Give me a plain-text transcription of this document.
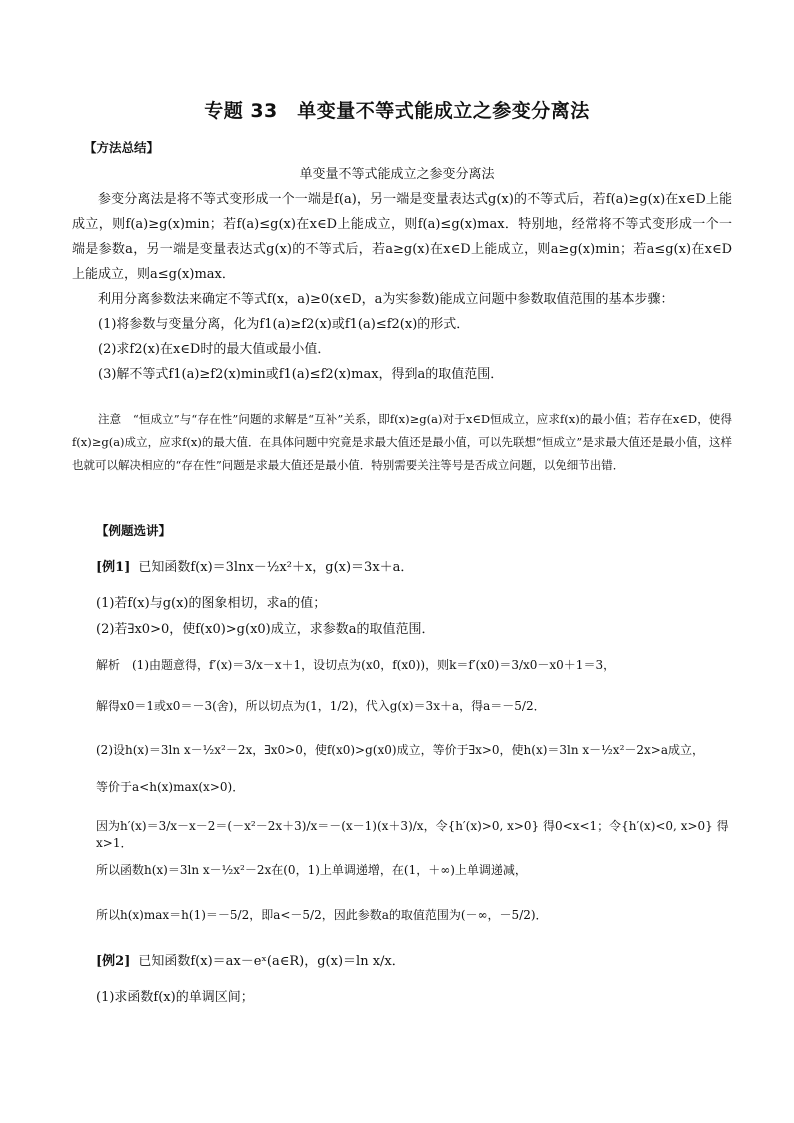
专题 33　单变量不等式能成立之参变分离法
【方法总结】
单变量不等式能成立之参变分离法

参变分离法是将不等式变形成一个一端是f(a)，另一端是变量表达式g(x)的不等式后，若f(a)≥g(x)在x∈D上能成立，则f(a)≥g(x)min；若f(a)≤g(x)在x∈D上能成立，则f(a)≤g(x)max．特别地，经常将不等式变形成一个一端是参数a，另一端是变量表达式g(x)的不等式后，若a≥g(x)在x∈D上能成立，则a≥g(x)min；若a≤g(x)在x∈D上能成立，则a≤g(x)max．

利用分离参数法来确定不等式f(x，a)≥0(x∈D，a为实参数)能成立问题中参数取值范围的基本步骤：

(1)将参数与变量分离，化为f1(a)≥f2(x)或f1(a)≤f2(x)的形式．

(2)求f2(x)在x∈D时的最大值或最小值．

(3)解不等式f1(a)≥f2(x)min或f1(a)≤f2(x)max，得到a的取值范围．

注意　“恒成立”与“存在性”问题的求解是“互补”关系，即f(x)≥g(a)对于x∈D恒成立，应求f(x)的最小值；若存在x∈D，使得f(x)≥g(a)成立，应求f(x)的最大值．在具体问题中究竟是求最大值还是最小值，可以先联想“恒成立”是求最大值还是最小值，这样也就可以解决相应的“存在性”问题是求最大值还是最小值．特别需要关注等号是否成立问题，以免细节出错．

【例题选讲】
[例1] 已知函数f(x)＝3lnx－½x²＋x，g(x)＝3x＋a．
(1)若f(x)与g(x)的图象相切，求a的值；
(2)若∃x0>0，使f(x0)>g(x0)成立，求参数a的取值范围．
解析　(1)由题意得，f′(x)＝3/x－x＋1，设切点为(x0，f(x0))，则k＝f′(x0)＝3/x0－x0＋1＝3，
解得x0＝1或x0＝－3(舍)，所以切点为(1，1/2)，代入g(x)＝3x＋a，得a＝－5/2．
(2)设h(x)＝3ln x－½x²－2x，∃x0>0，使f(x0)>g(x0)成立，等价于∃x>0，使h(x)＝3ln x－½x²－2x>a成立，
等价于a<h(x)max(x>0)．
因为h′(x)＝3/x－x－2＝(－x²－2x＋3)/x＝－(x－1)(x＋3)/x，令{h′(x)>0, x>0} 得0<x<1；令{h′(x)<0, x>0} 得x>1．
所以函数h(x)＝3ln x－½x²－2x在(0，1)上单调递增，在(1，＋∞)上单调递减，
所以h(x)max＝h(1)＝－5/2，即a<－5/2，因此参数a的取值范围为(－∞，－5/2)．
[例2] 已知函数f(x)＝ax－eˣ(a∈R)，g(x)＝ln x/x．
(1)求函数f(x)的单调区间；
